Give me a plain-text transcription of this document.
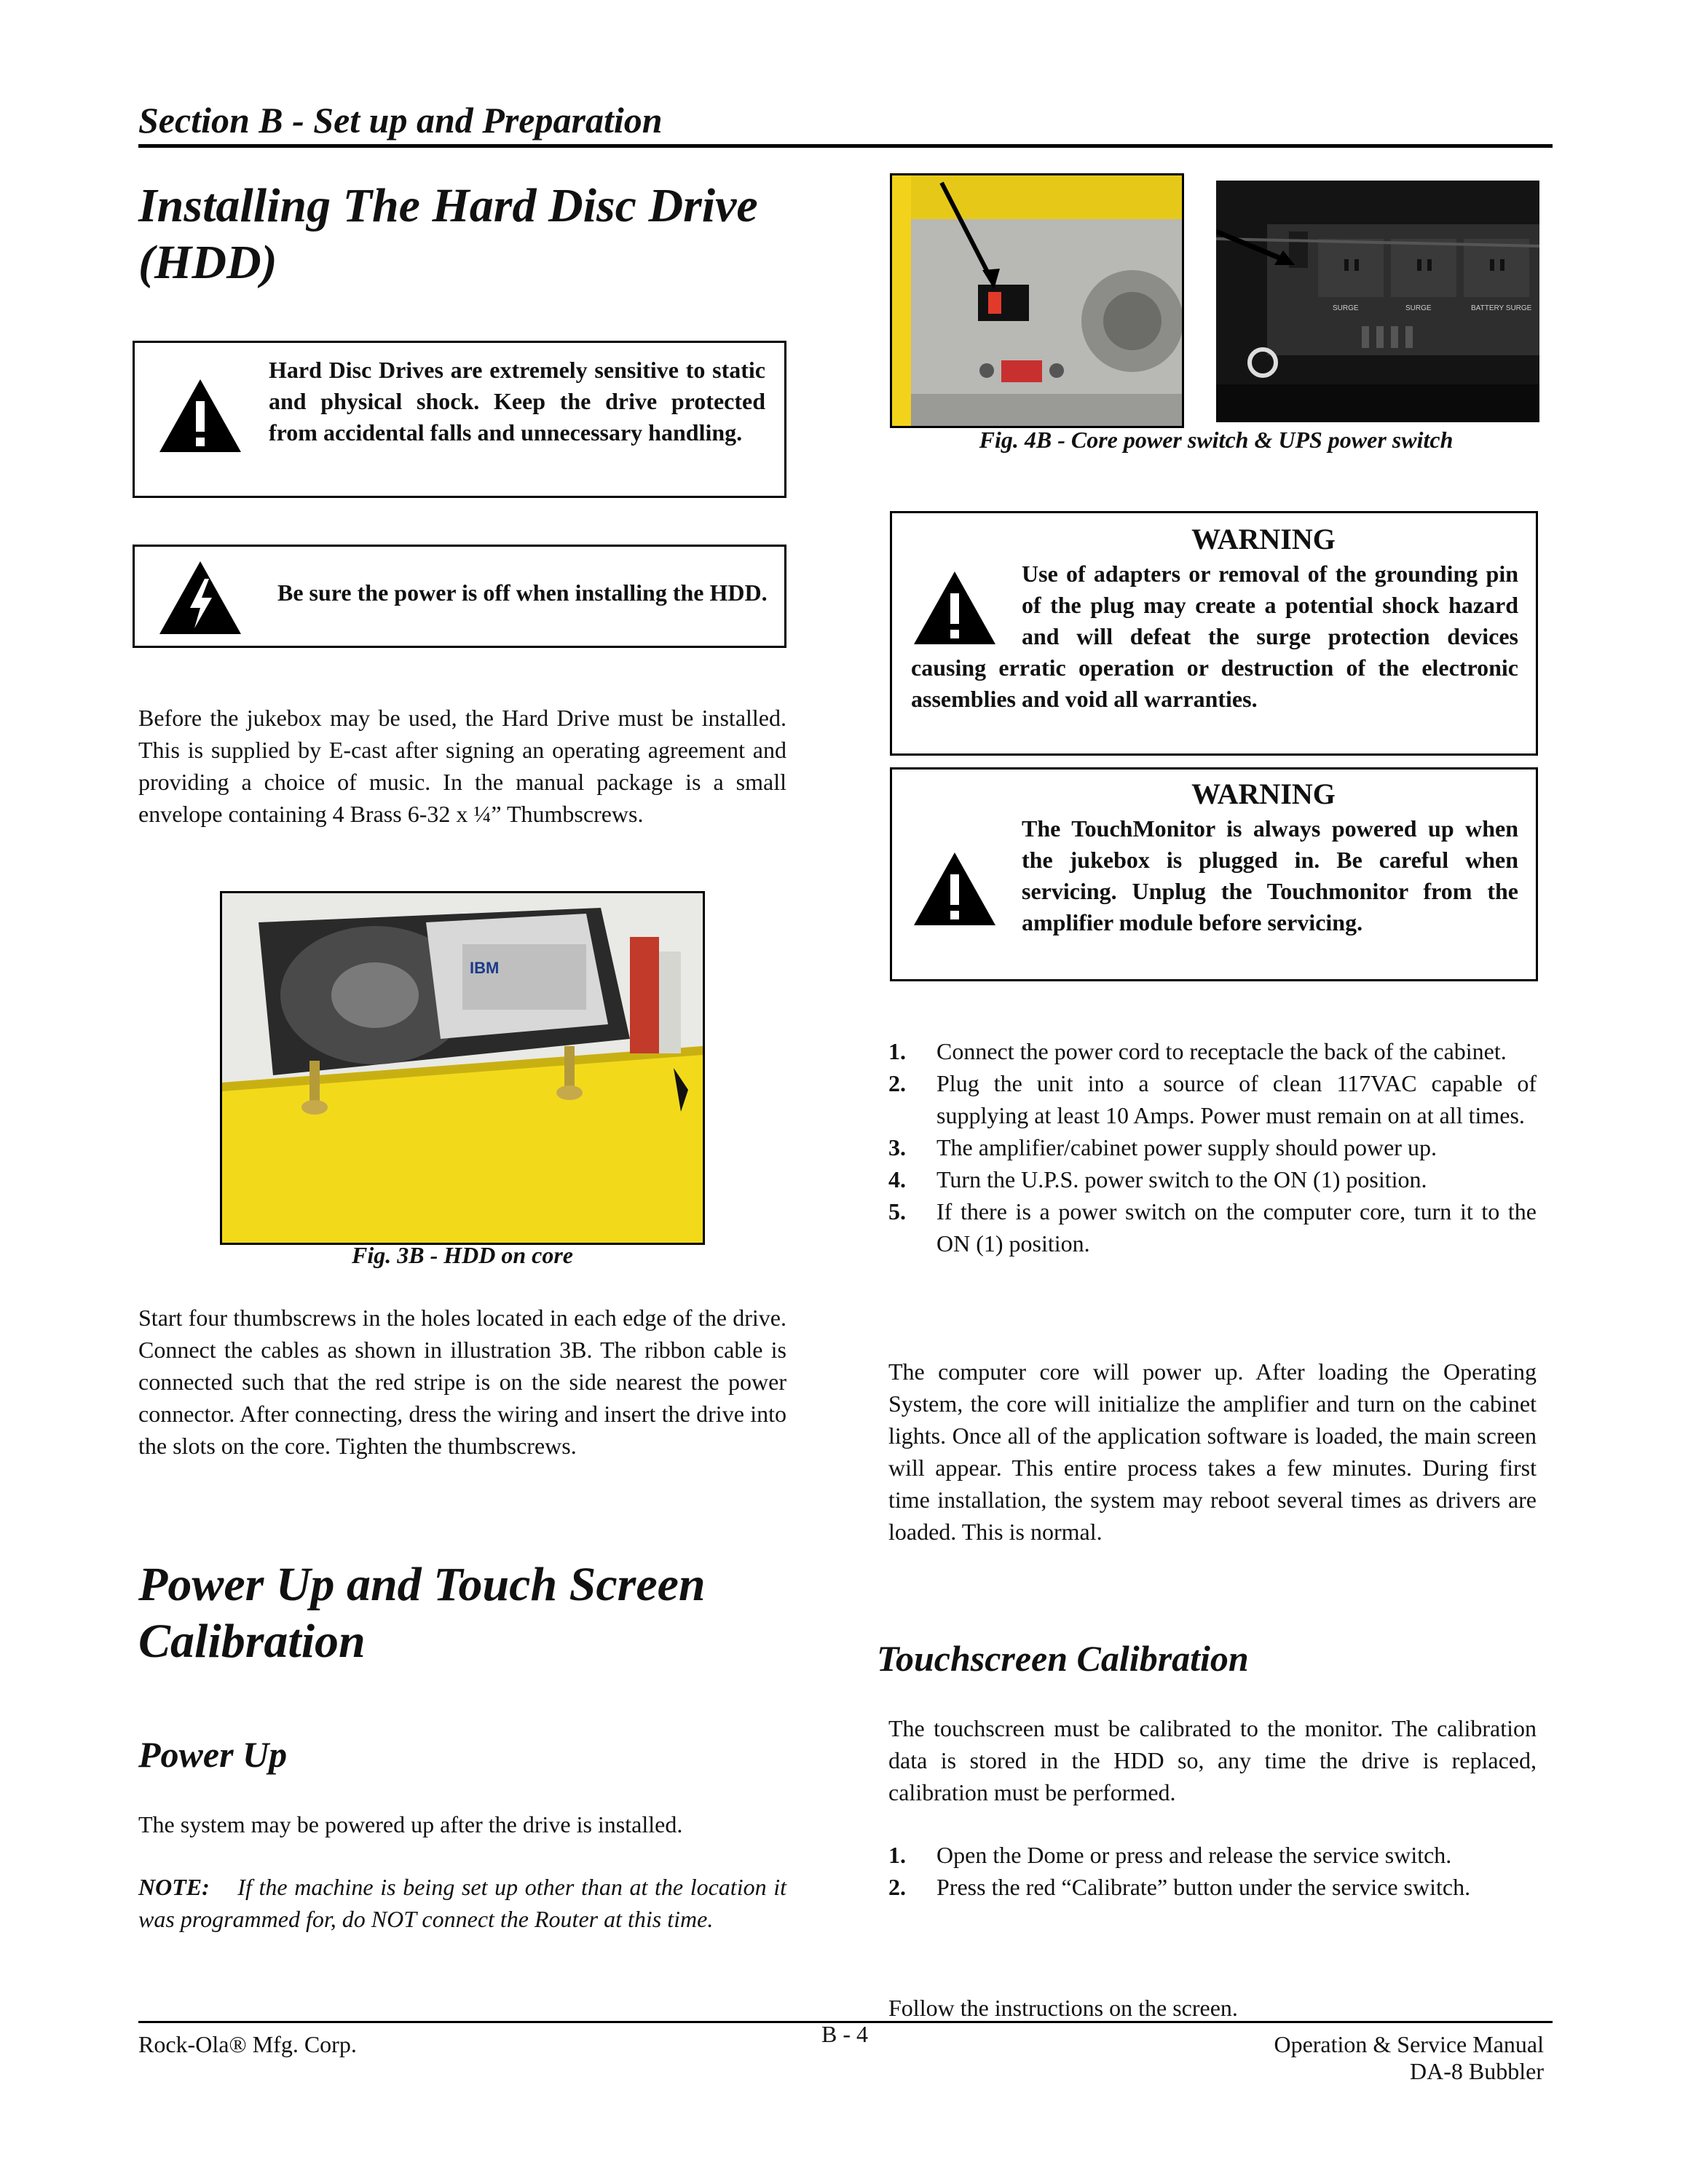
Section B - Set up and Preparation
Installing The Hard Disc Drive
(HDD)
Hard Disc Drives are extremely sensitive to static and physical shock. Keep the drive protected from accidental falls and unnecessary handling.
Be sure the power is off when installing the HDD.
Before the jukebox may be used, the Hard Drive must be installed. This is supplied by E-cast after signing an operating agreement and providing a choice of music. In the manual package is a small envelope containing 4 Brass 6-32 x ¼” Thumbscrews.
IBM
Fig. 3B - HDD on core
Start four thumbscrews in the holes located in each edge of the drive. Connect the cables as shown in illustration 3B. The ribbon cable is connected such that the red stripe is on the side nearest the power connector. After connecting, dress the wiring and insert the drive into the slots on the core. Tighten the thumbscrews.
Power Up and Touch Screen
Calibration
Power Up
The system may be powered up after the drive is installed.
NOTE: If the machine is being set up other than at the location it was programmed for, do NOT connect the Router at this time.
SURGE	SURGE	BATTERY SURGE
Fig. 4B - Core power switch & UPS power switch
WARNING
Use of adapters or removal of the grounding pin of the plug may create a potential shock hazard and will defeat the surge protection devices causing erratic operation or destruction of the electronic assemblies and void all warranties.
WARNING
The TouchMonitor is always powered up when the jukebox is plugged in. Be careful when servicing. Unplug the Touchmonitor from the amplifier module before servicing.
1. Connect the power cord to receptacle the back of the cabinet.
2. Plug the unit into a source of clean 117VAC capable of supplying at least 10 Amps. Power must remain on at all times.
3. The amplifier/cabinet power supply should power up.
4. Turn the U.P.S. power switch to the ON (1) position.
5. If there is a power switch on the computer core, turn it to the ON (1) position.
The computer core will power up. After loading the Operating System, the core will initialize the amplifier and turn on the cabinet lights. Once all of the application software is loaded, the main screen will appear. This entire process takes a few minutes. During first time installation, the system may reboot several times as drivers are loaded. This is normal.
Touchscreen Calibration
The touchscreen must be calibrated to the monitor. The calibration data is stored in the HDD so, any time the drive is replaced, calibration must be performed.
1. Open the Dome or press and release the service switch.
2. Press the red “Calibrate” button under the service switch.
Follow the instructions on the screen.
Rock-Ola® Mfg. Corp.	B - 4	Operation & Service Manual
DA-8 Bubbler
